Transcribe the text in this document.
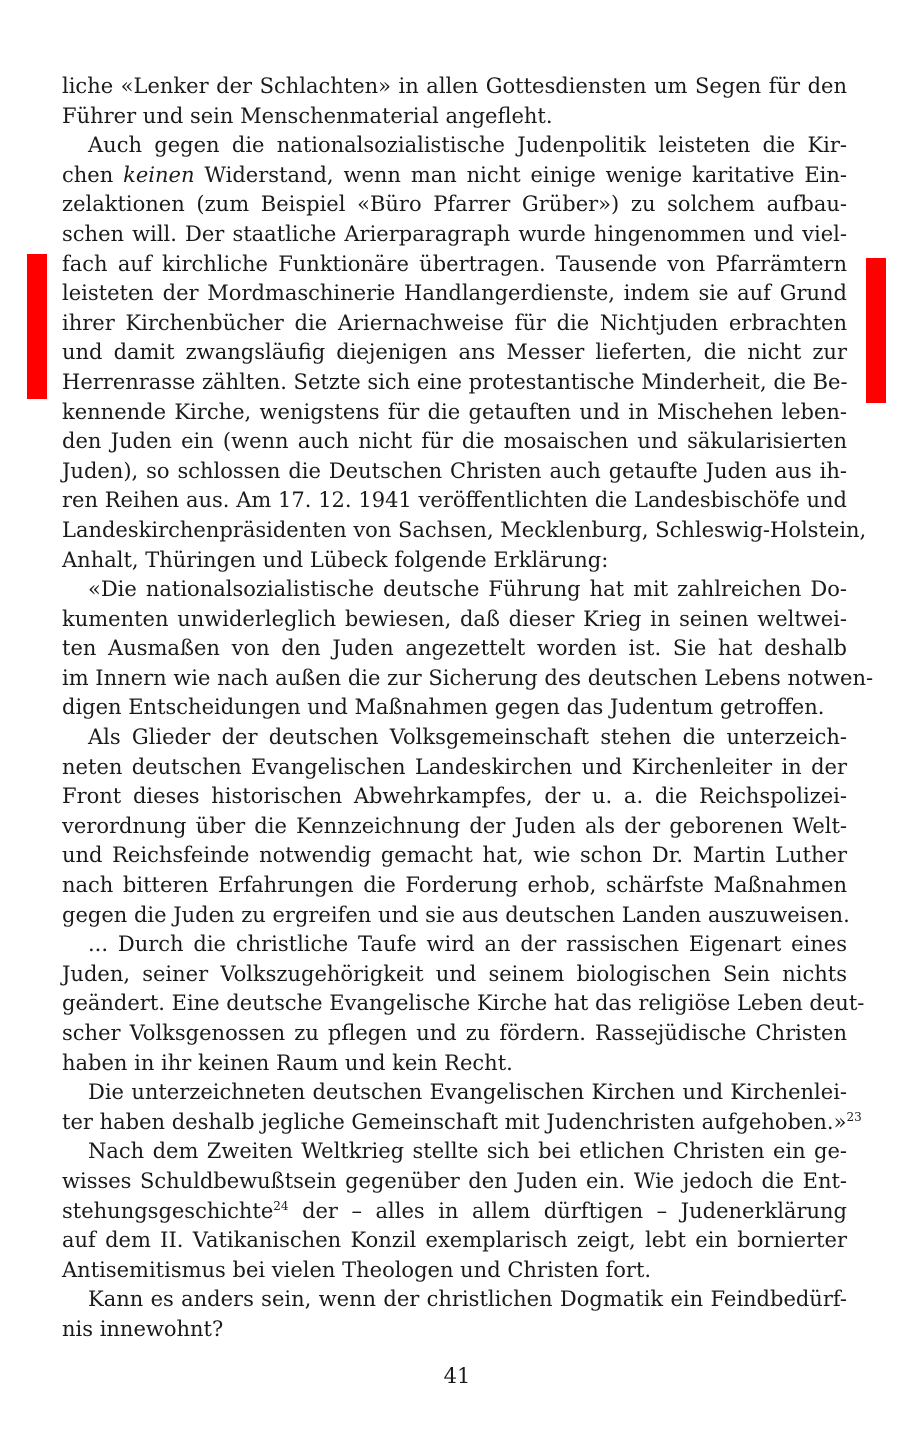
liche «Lenker der Schlachten» in allen Gottesdiensten um Segen für den
Führer und sein Menschenmaterial angefleht.
Auch gegen die nationalsozialistische Judenpolitik leisteten die Kir-
chen keinen Widerstand, wenn man nicht einige wenige karitative Ein-
zelaktionen (zum Beispiel «Büro Pfarrer Grüber») zu solchem aufbau-
schen will. Der staatliche Arierparagraph wurde hingenommen und viel-
fach auf kirchliche Funktionäre übertragen. Tausende von Pfarrämtern
leisteten der Mordmaschinerie Handlangerdienste, indem sie auf Grund
ihrer Kirchenbücher die Ariernachweise für die Nichtjuden erbrachten
und damit zwangsläufig diejenigen ans Messer lieferten, die nicht zur
Herrenrasse zählten. Setzte sich eine protestantische Minderheit, die Be-
kennende Kirche, wenigstens für die getauften und in Mischehen leben-
den Juden ein (wenn auch nicht für die mosaischen und säkularisierten
Juden), so schlossen die Deutschen Christen auch getaufte Juden aus ih-
ren Reihen aus. Am 17. 12. 1941 veröffentlichten die Landesbischöfe und
Landeskirchenpräsidenten von Sachsen, Mecklenburg, Schleswig-Holstein,
Anhalt, Thüringen und Lübeck folgende Erklärung:
«Die nationalsozialistische deutsche Führung hat mit zahlreichen Do-
kumenten unwiderleglich bewiesen, daß dieser Krieg in seinen weltwei-
ten Ausmaßen von den Juden angezettelt worden ist. Sie hat deshalb
im Innern wie nach außen die zur Sicherung des deutschen Lebens notwen-
digen Entscheidungen und Maßnahmen gegen das Judentum getroffen.
Als Glieder der deutschen Volksgemeinschaft stehen die unterzeich-
neten deutschen Evangelischen Landeskirchen und Kirchenleiter in der
Front dieses historischen Abwehrkampfes, der u. a. die Reichspolizei-
verordnung über die Kennzeichnung der Juden als der geborenen Welt-
und Reichsfeinde notwendig gemacht hat, wie schon Dr. Martin Luther
nach bitteren Erfahrungen die Forderung erhob, schärfste Maßnahmen
gegen die Juden zu ergreifen und sie aus deutschen Landen auszuweisen.
... Durch die christliche Taufe wird an der rassischen Eigenart eines
Juden, seiner Volkszugehörigkeit und seinem biologischen Sein nichts
geändert. Eine deutsche Evangelische Kirche hat das religiöse Leben deut-
scher Volksgenossen zu pflegen und zu fördern. Rassejüdische Christen
haben in ihr keinen Raum und kein Recht.
Die unterzeichneten deutschen Evangelischen Kirchen und Kirchenlei-
ter haben deshalb jegliche Gemeinschaft mit Judenchristen aufgehoben.»$^{23}$
Nach dem Zweiten Weltkrieg stellte sich bei etlichen Christen ein ge-
wisses Schuldbewußtsein gegenüber den Juden ein. Wie jedoch die Ent-
stehungsgeschichte$^{24}$ der – alles in allem dürftigen – Judenerklärung
auf dem II. Vatikanischen Konzil exemplarisch zeigt, lebt ein bornierter
Antisemitismus bei vielen Theologen und Christen fort.
Kann es anders sein, wenn der christlichen Dogmatik ein Feindbedürf-
nis innewohnt?
41
